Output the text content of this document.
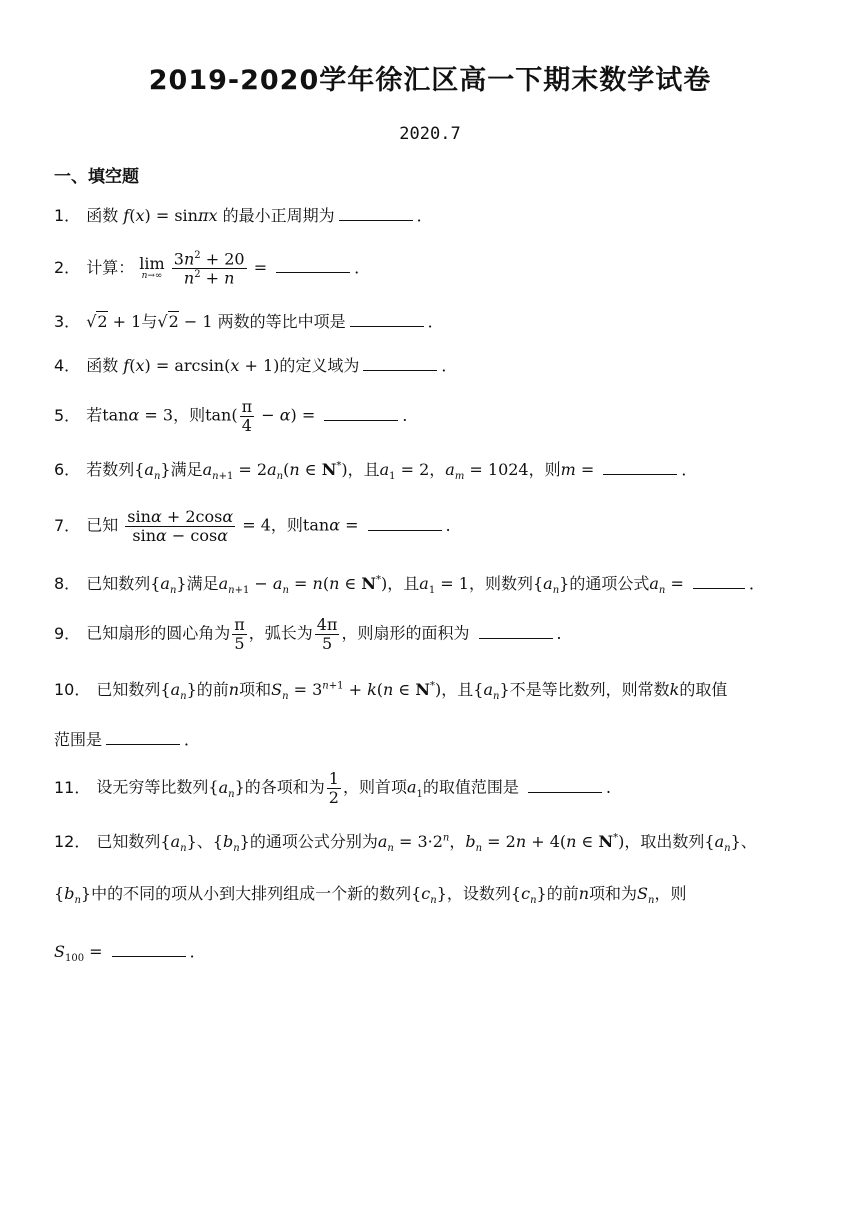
2019-2020学年徐汇区高一下期末数学试卷
2020.7
一、填空题
1． 函数 f(x) = sinπx 的最小正周期为	．
2． 计算： lim
n→∞
$\frac{3n^2 + 20}{n^2 + n}$ =	．
3． √2 + 1与√2 − 1 两数的等比中项是	．
4． 函数 f(x) = arcsin(x + 1)的定义域为	．
5． 若tanα = 3，则$\tan( \frac{\pi}{4} - \alpha)$ =	．
6． 若数列$\{a_n\}$满足$a_{n+1} = 2a_n(n$ ∈ N*)，且$a_1 = 2$，$a_m = 1024$，则m =	．
7． 已知 $\frac{\sin\alpha + 2\cos\alpha}{\sin\alpha - \cos\alpha} = 4$，则tanα =	．
8． 已知数列$\{a_n\}$满足$a_{n+1} - a_n = n(n$ ∈ N*)，且$a_1 = 1$，则数列$\{a_n\}$的通项公式$a_n$ =	．
9． 已知扇形的圆心角为 $\frac{\pi}{5}$ ，弧长为 $\frac{4\pi}{5}$ ，则扇形的面积为	．
10． 已知数列$\{a_n\}$的前n项和$S_n = 3^{n+1} + k(n$ ∈ N*)，且$\{a_n\}$不是等比数列，则常数k的取值
范围是	．
11． 设无穷等比数列$\{a_n\}$的各项和为 $\frac{1}{2}$ ，则首项$a_1$的取值范围是	．
12． 已知数列$\{a_n\}$、$\{b_n\}$的通项公式分别为$a_n = 3\cdot 2^n$，$b_n = 2n + 4(n$ ∈ N*)，取出数列$\{a_n\}$、
$\{b_n\}$中的不同的项从小到大排列组成一个新的数列$\{c_n\}$，设数列$\{c_n\}$的前n项和为$S_n$，则
$S_{100}$ =	．
